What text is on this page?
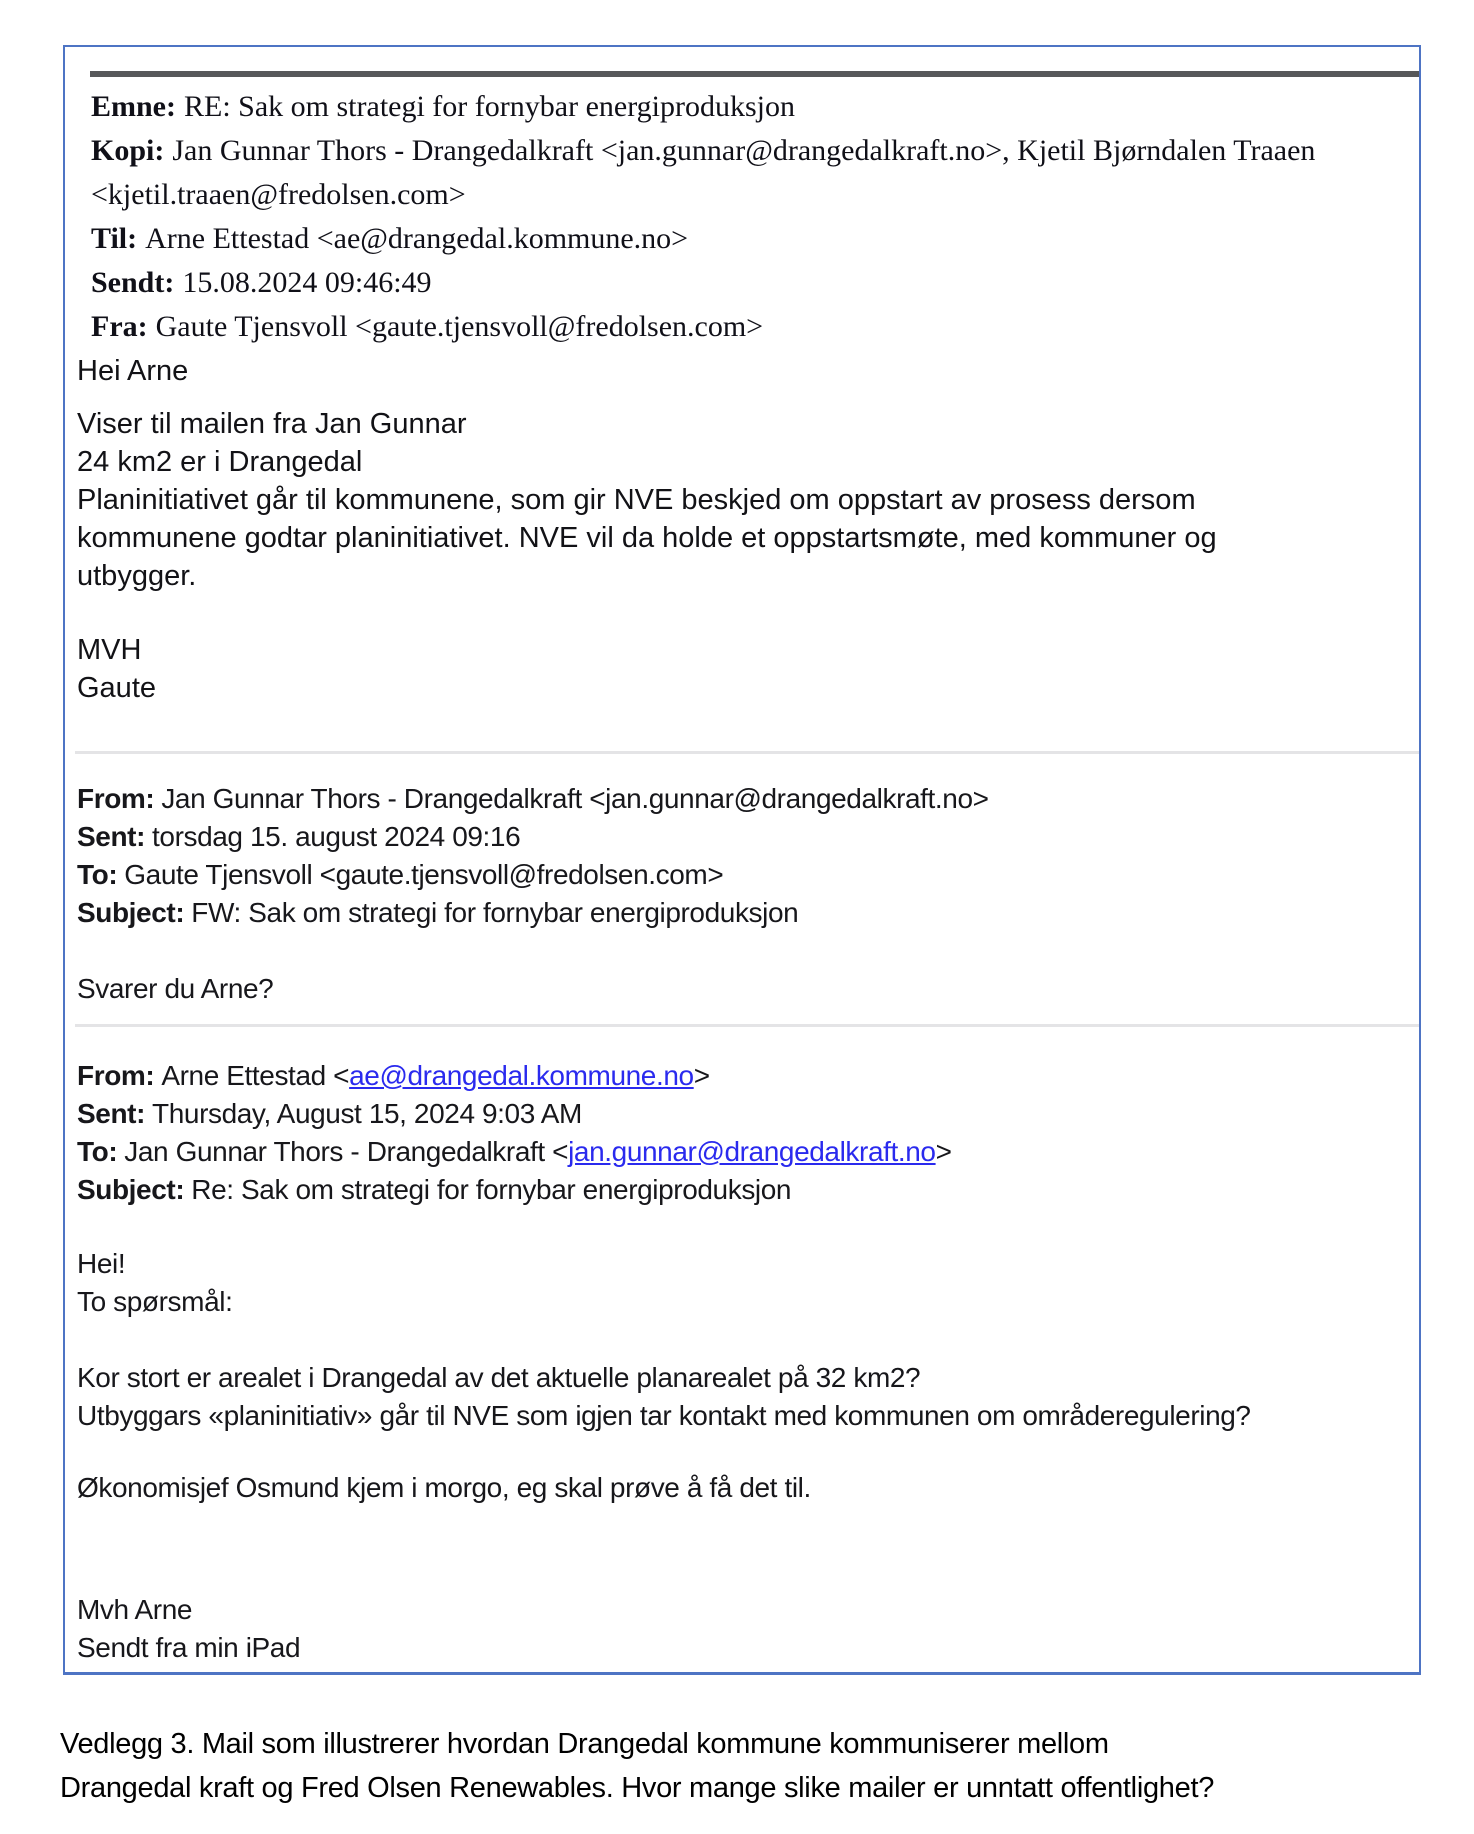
Emne: RE: Sak om strategi for fornybar energiproduksjon
Kopi: Jan Gunnar Thors - Drangedalkraft <jan.gunnar@drangedalkraft.no>, Kjetil Bjørndalen Traaen <kjetil.traaen@fredolsen.com>
Til: Arne Ettestad <ae@drangedal.kommune.no>
Sendt: 15.08.2024 09:46:49
Fra: Gaute Tjensvoll <gaute.tjensvoll@fredolsen.com>
Hei Arne
Viser til mailen fra Jan Gunnar
24 km2 er i Drangedal
Planinitiativet går til kommunene, som gir NVE beskjed om oppstart av prosess dersom kommunene godtar planinitiativet. NVE vil da holde et oppstartsmøte, med kommuner og utbygger.
MVH
Gaute
From: Jan Gunnar Thors - Drangedalkraft <jan.gunnar@drangedalkraft.no>
Sent: torsdag 15. august 2024 09:16
To: Gaute Tjensvoll <gaute.tjensvoll@fredolsen.com>
Subject: FW: Sak om strategi for fornybar energiproduksjon
Svarer du Arne?
From: Arne Ettestad <ae@drangedal.kommune.no>
Sent: Thursday, August 15, 2024 9:03 AM
To: Jan Gunnar Thors - Drangedalkraft <jan.gunnar@drangedalkraft.no>
Subject: Re: Sak om strategi for fornybar energiproduksjon
Hei!
To spørsmål:
Kor stort er arealet i Drangedal av det aktuelle planarealet på 32 km2?
Utbyggars «planinitiativ» går til NVE som igjen tar kontakt med kommunen om områderegulering?
Økonomisjef Osmund kjem i morgo, eg skal prøve å få det til.
Mvh Arne
Sendt fra min iPad
Vedlegg 3. Mail som illustrerer hvordan Drangedal kommune kommuniserer mellom
Drangedal kraft og Fred Olsen Renewables. Hvor mange slike mailer er unntatt offentlighet?
